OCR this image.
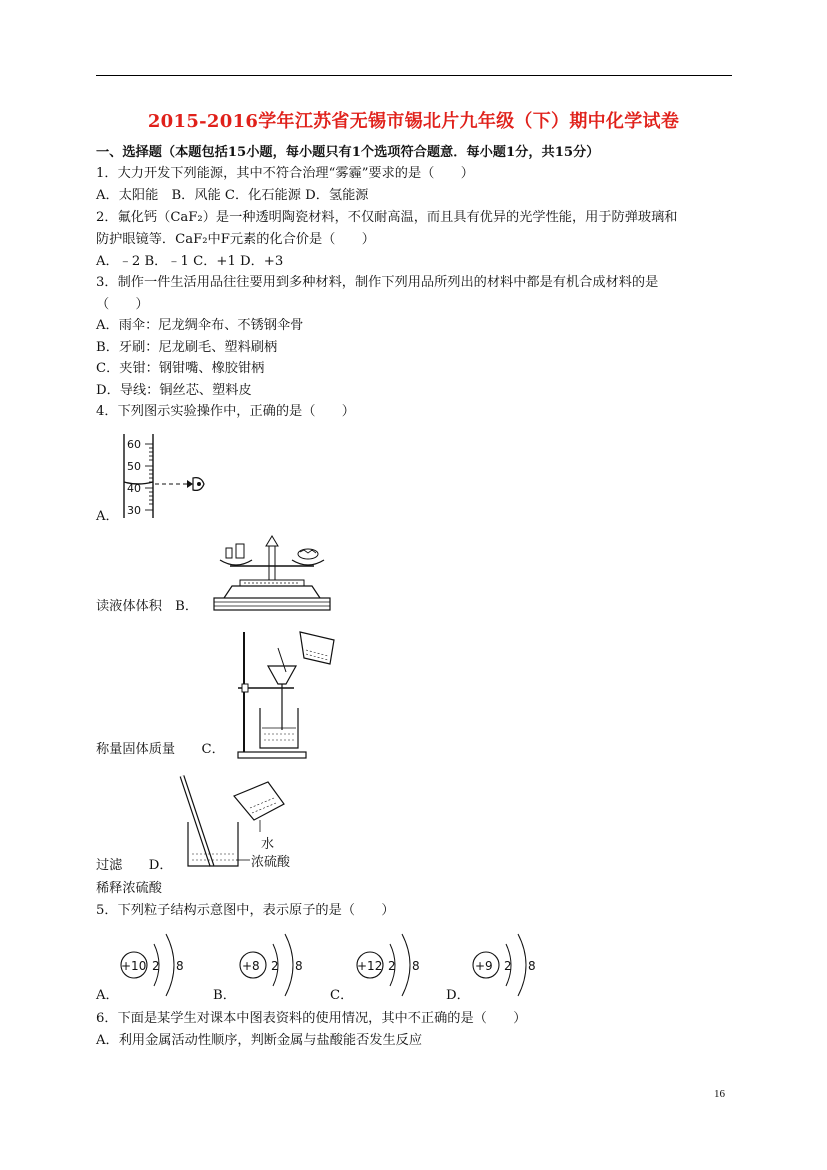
2015-2016学年江苏省无锡市锡北片九年级（下）期中化学试卷
一、选择题（本题包括15小题，每小题只有1个选项符合题意．每小题1分，共15分）
1．大力开发下列能源，其中不符合治理“雾霾”要求的是（　　）
A．太阳能　B．风能 C．化石能源 D．氢能源
2．氟化钙（CaF₂）是一种透明陶瓷材料，不仅耐高温，而且具有优异的光学性能，用于防弹玻璃和
防护眼镜等．CaF₂中F元素的化合价是（　　）
A．﹣2 B．﹣1 C．+1 D．+3
3．制作一件生活用品往往要用到多种材料，制作下列用品所列出的材料中都是有机合成材料的是
（　　）
A．雨伞：尼龙绸伞布、不锈钢伞骨
B．牙刷：尼龙刷毛、塑料刷柄
C．夹钳：钢钳嘴、橡胶钳柄
D．导线：铜丝芯、塑料皮
4．下列图示实验操作中，正确的是（　　）
60
50
40
30
A．
读液体体积　B．
称量固体质量　　C．
水
浓硫酸
过滤　　D．
稀释浓硫酸
5．下列粒子结构示意图中，表示原子的是（　　）
+10 2 8	+8 2 8	+12 2 8	+9 2 8
A．	B．	C．	D．
6．下面是某学生对课本中图表资料的使用情况，其中不正确的是（　　）
A．利用金属活动性顺序，判断金属与盐酸能否发生反应
16
